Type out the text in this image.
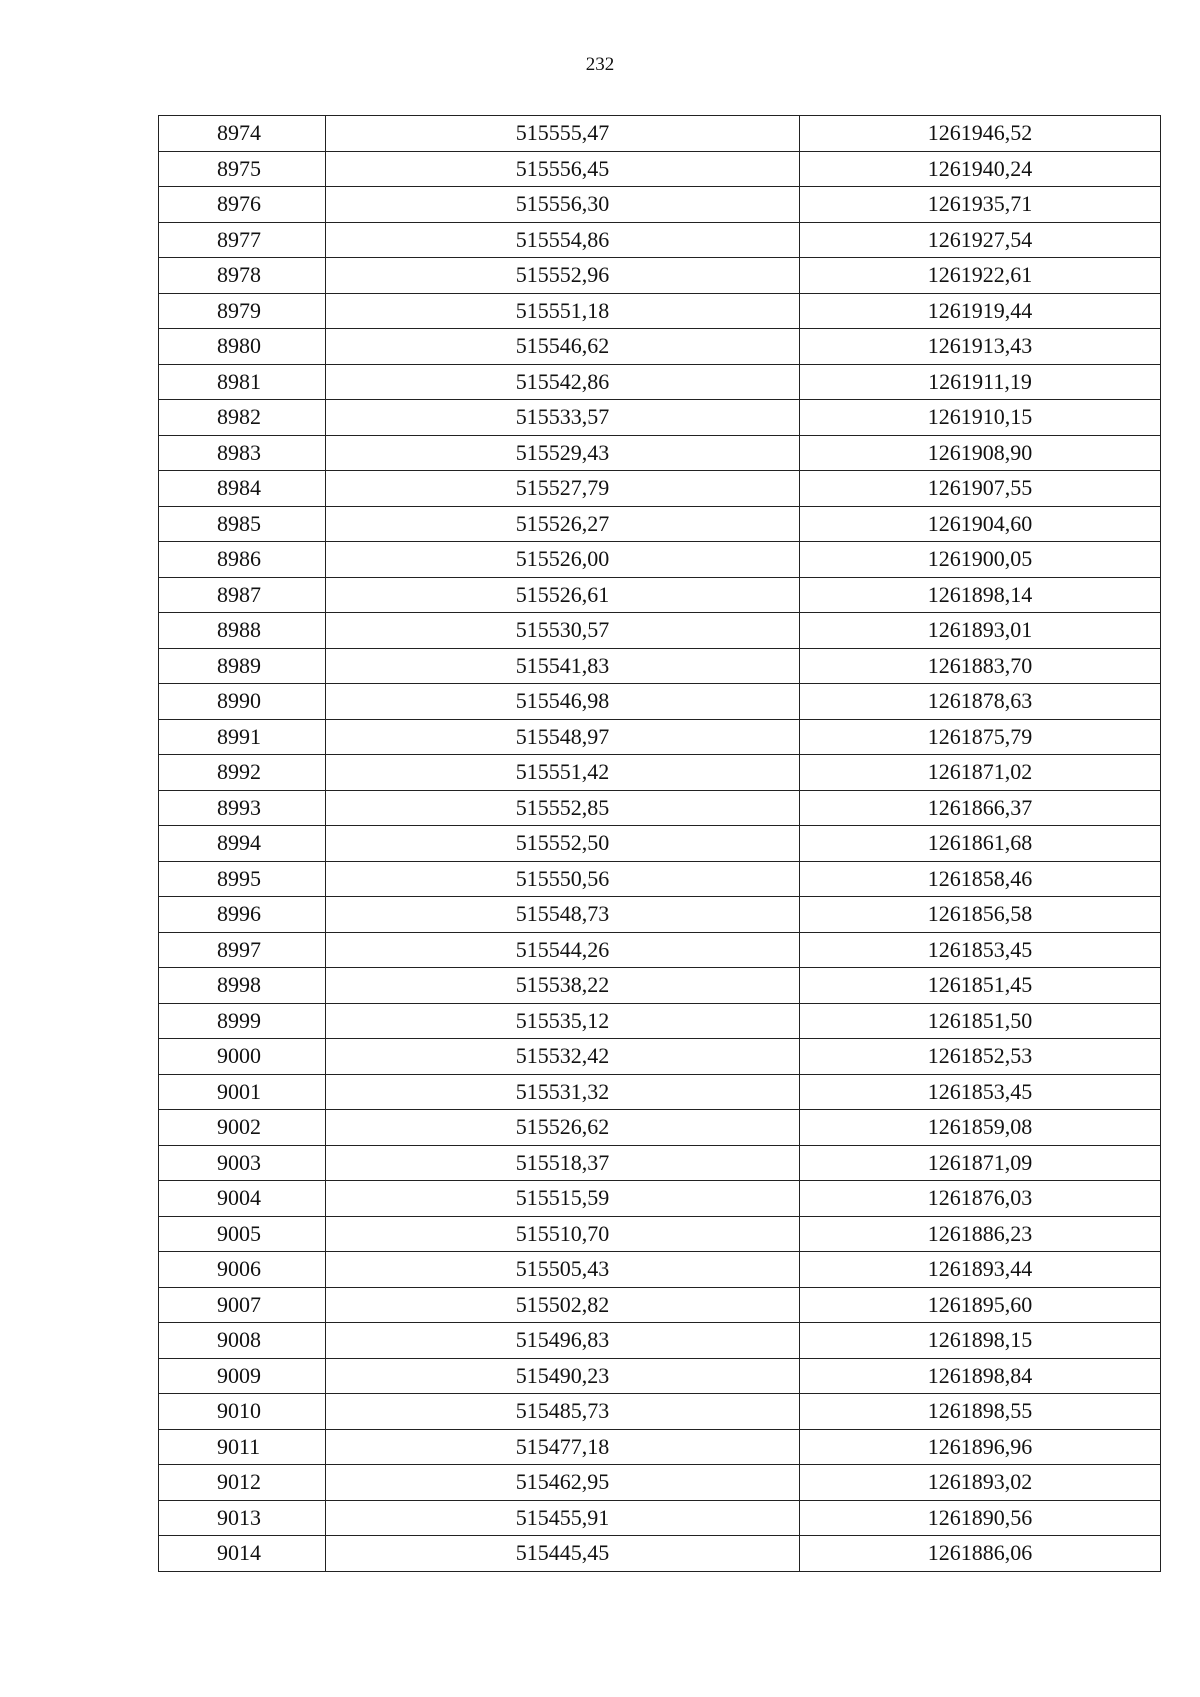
232
8974	515555,47	1261946,52
8975	515556,45	1261940,24
8976	515556,30	1261935,71
8977	515554,86	1261927,54
8978	515552,96	1261922,61
8979	515551,18	1261919,44
8980	515546,62	1261913,43
8981	515542,86	1261911,19
8982	515533,57	1261910,15
8983	515529,43	1261908,90
8984	515527,79	1261907,55
8985	515526,27	1261904,60
8986	515526,00	1261900,05
8987	515526,61	1261898,14
8988	515530,57	1261893,01
8989	515541,83	1261883,70
8990	515546,98	1261878,63
8991	515548,97	1261875,79
8992	515551,42	1261871,02
8993	515552,85	1261866,37
8994	515552,50	1261861,68
8995	515550,56	1261858,46
8996	515548,73	1261856,58
8997	515544,26	1261853,45
8998	515538,22	1261851,45
8999	515535,12	1261851,50
9000	515532,42	1261852,53
9001	515531,32	1261853,45
9002	515526,62	1261859,08
9003	515518,37	1261871,09
9004	515515,59	1261876,03
9005	515510,70	1261886,23
9006	515505,43	1261893,44
9007	515502,82	1261895,60
9008	515496,83	1261898,15
9009	515490,23	1261898,84
9010	515485,73	1261898,55
9011	515477,18	1261896,96
9012	515462,95	1261893,02
9013	515455,91	1261890,56
9014	515445,45	1261886,06
